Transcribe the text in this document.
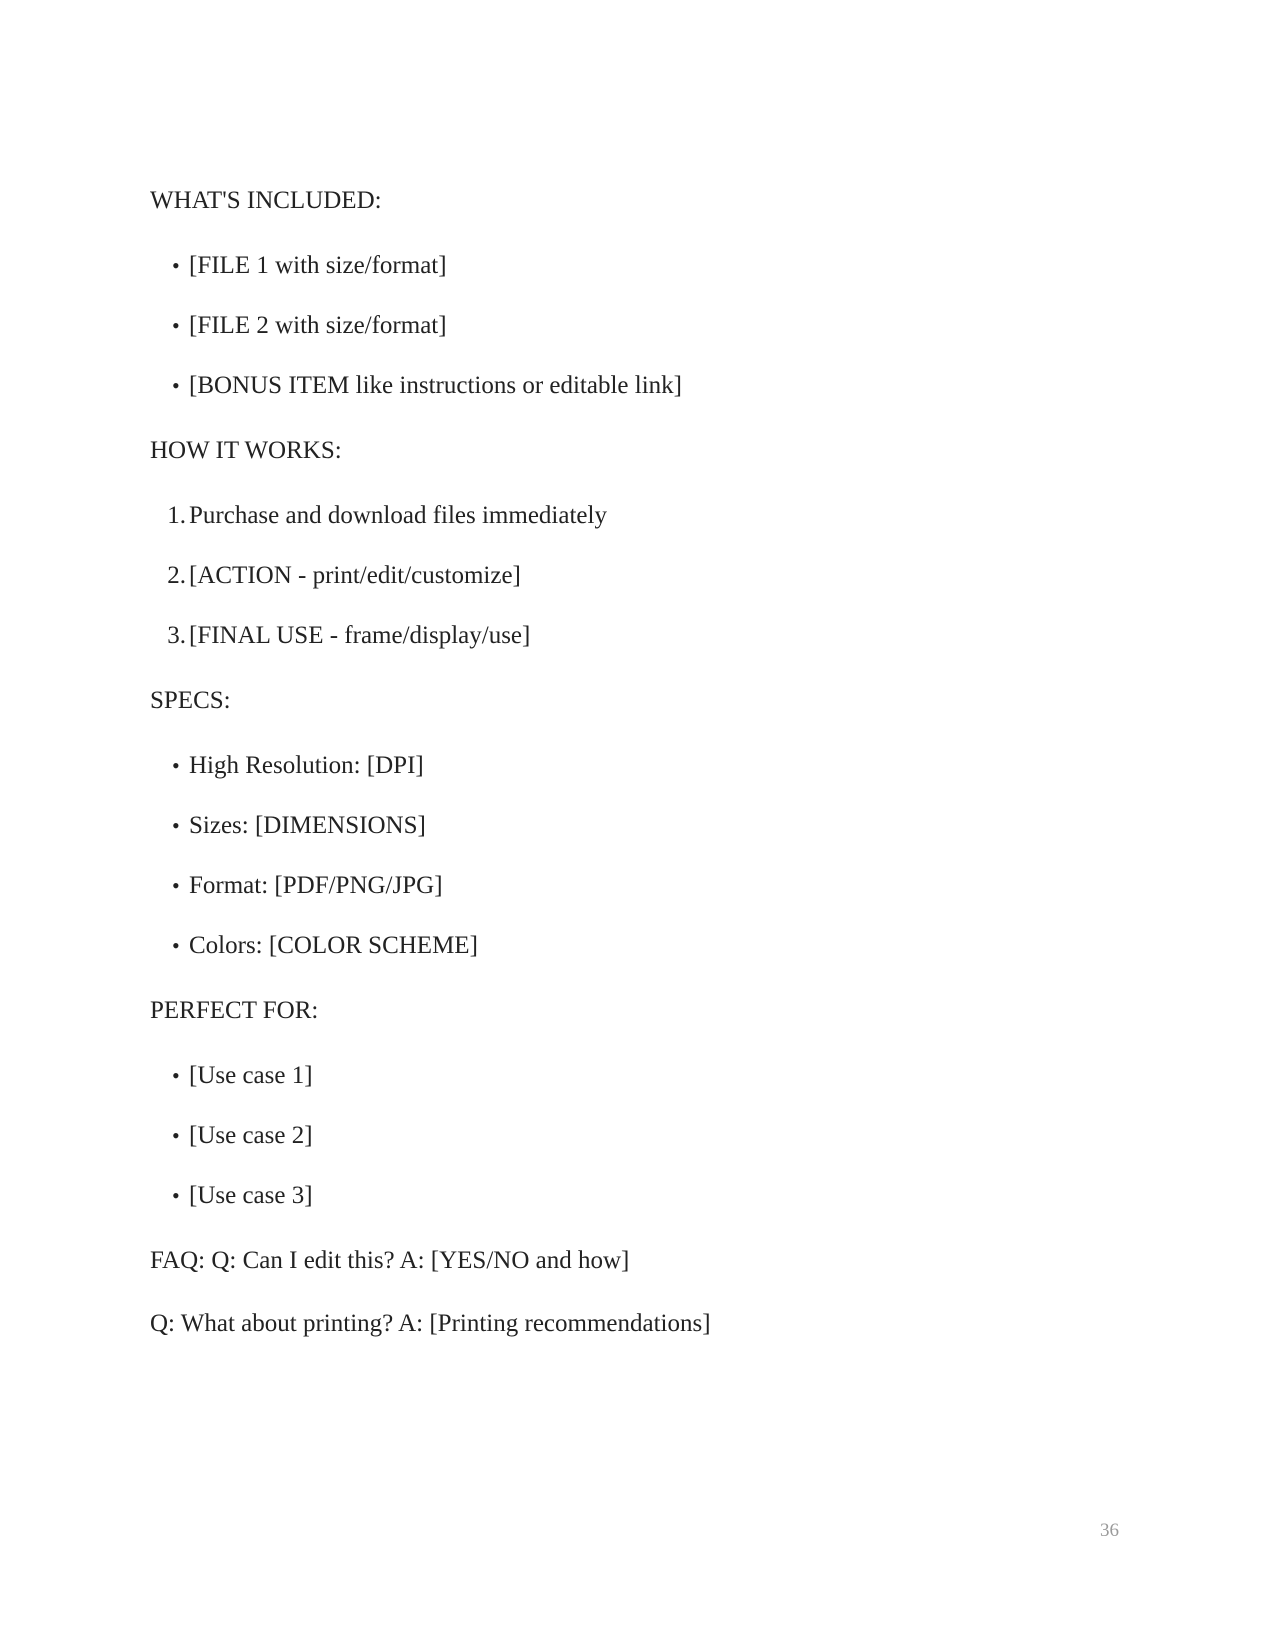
WHAT'S INCLUDED:

• [FILE 1 with size/format]
• [FILE 2 with size/format]
• [BONUS ITEM like instructions or editable link]

HOW IT WORKS:

1. Purchase and download files immediately
2. [ACTION - print/edit/customize]
3. [FINAL USE - frame/display/use]

SPECS:

• High Resolution: [DPI]
• Sizes: [DIMENSIONS]
• Format: [PDF/PNG/JPG]
• Colors: [COLOR SCHEME]

PERFECT FOR:

• [Use case 1]
• [Use case 2]
• [Use case 3]

FAQ: Q: Can I edit this? A: [YES/NO and how]

Q: What about printing? A: [Printing recommendations]

36
